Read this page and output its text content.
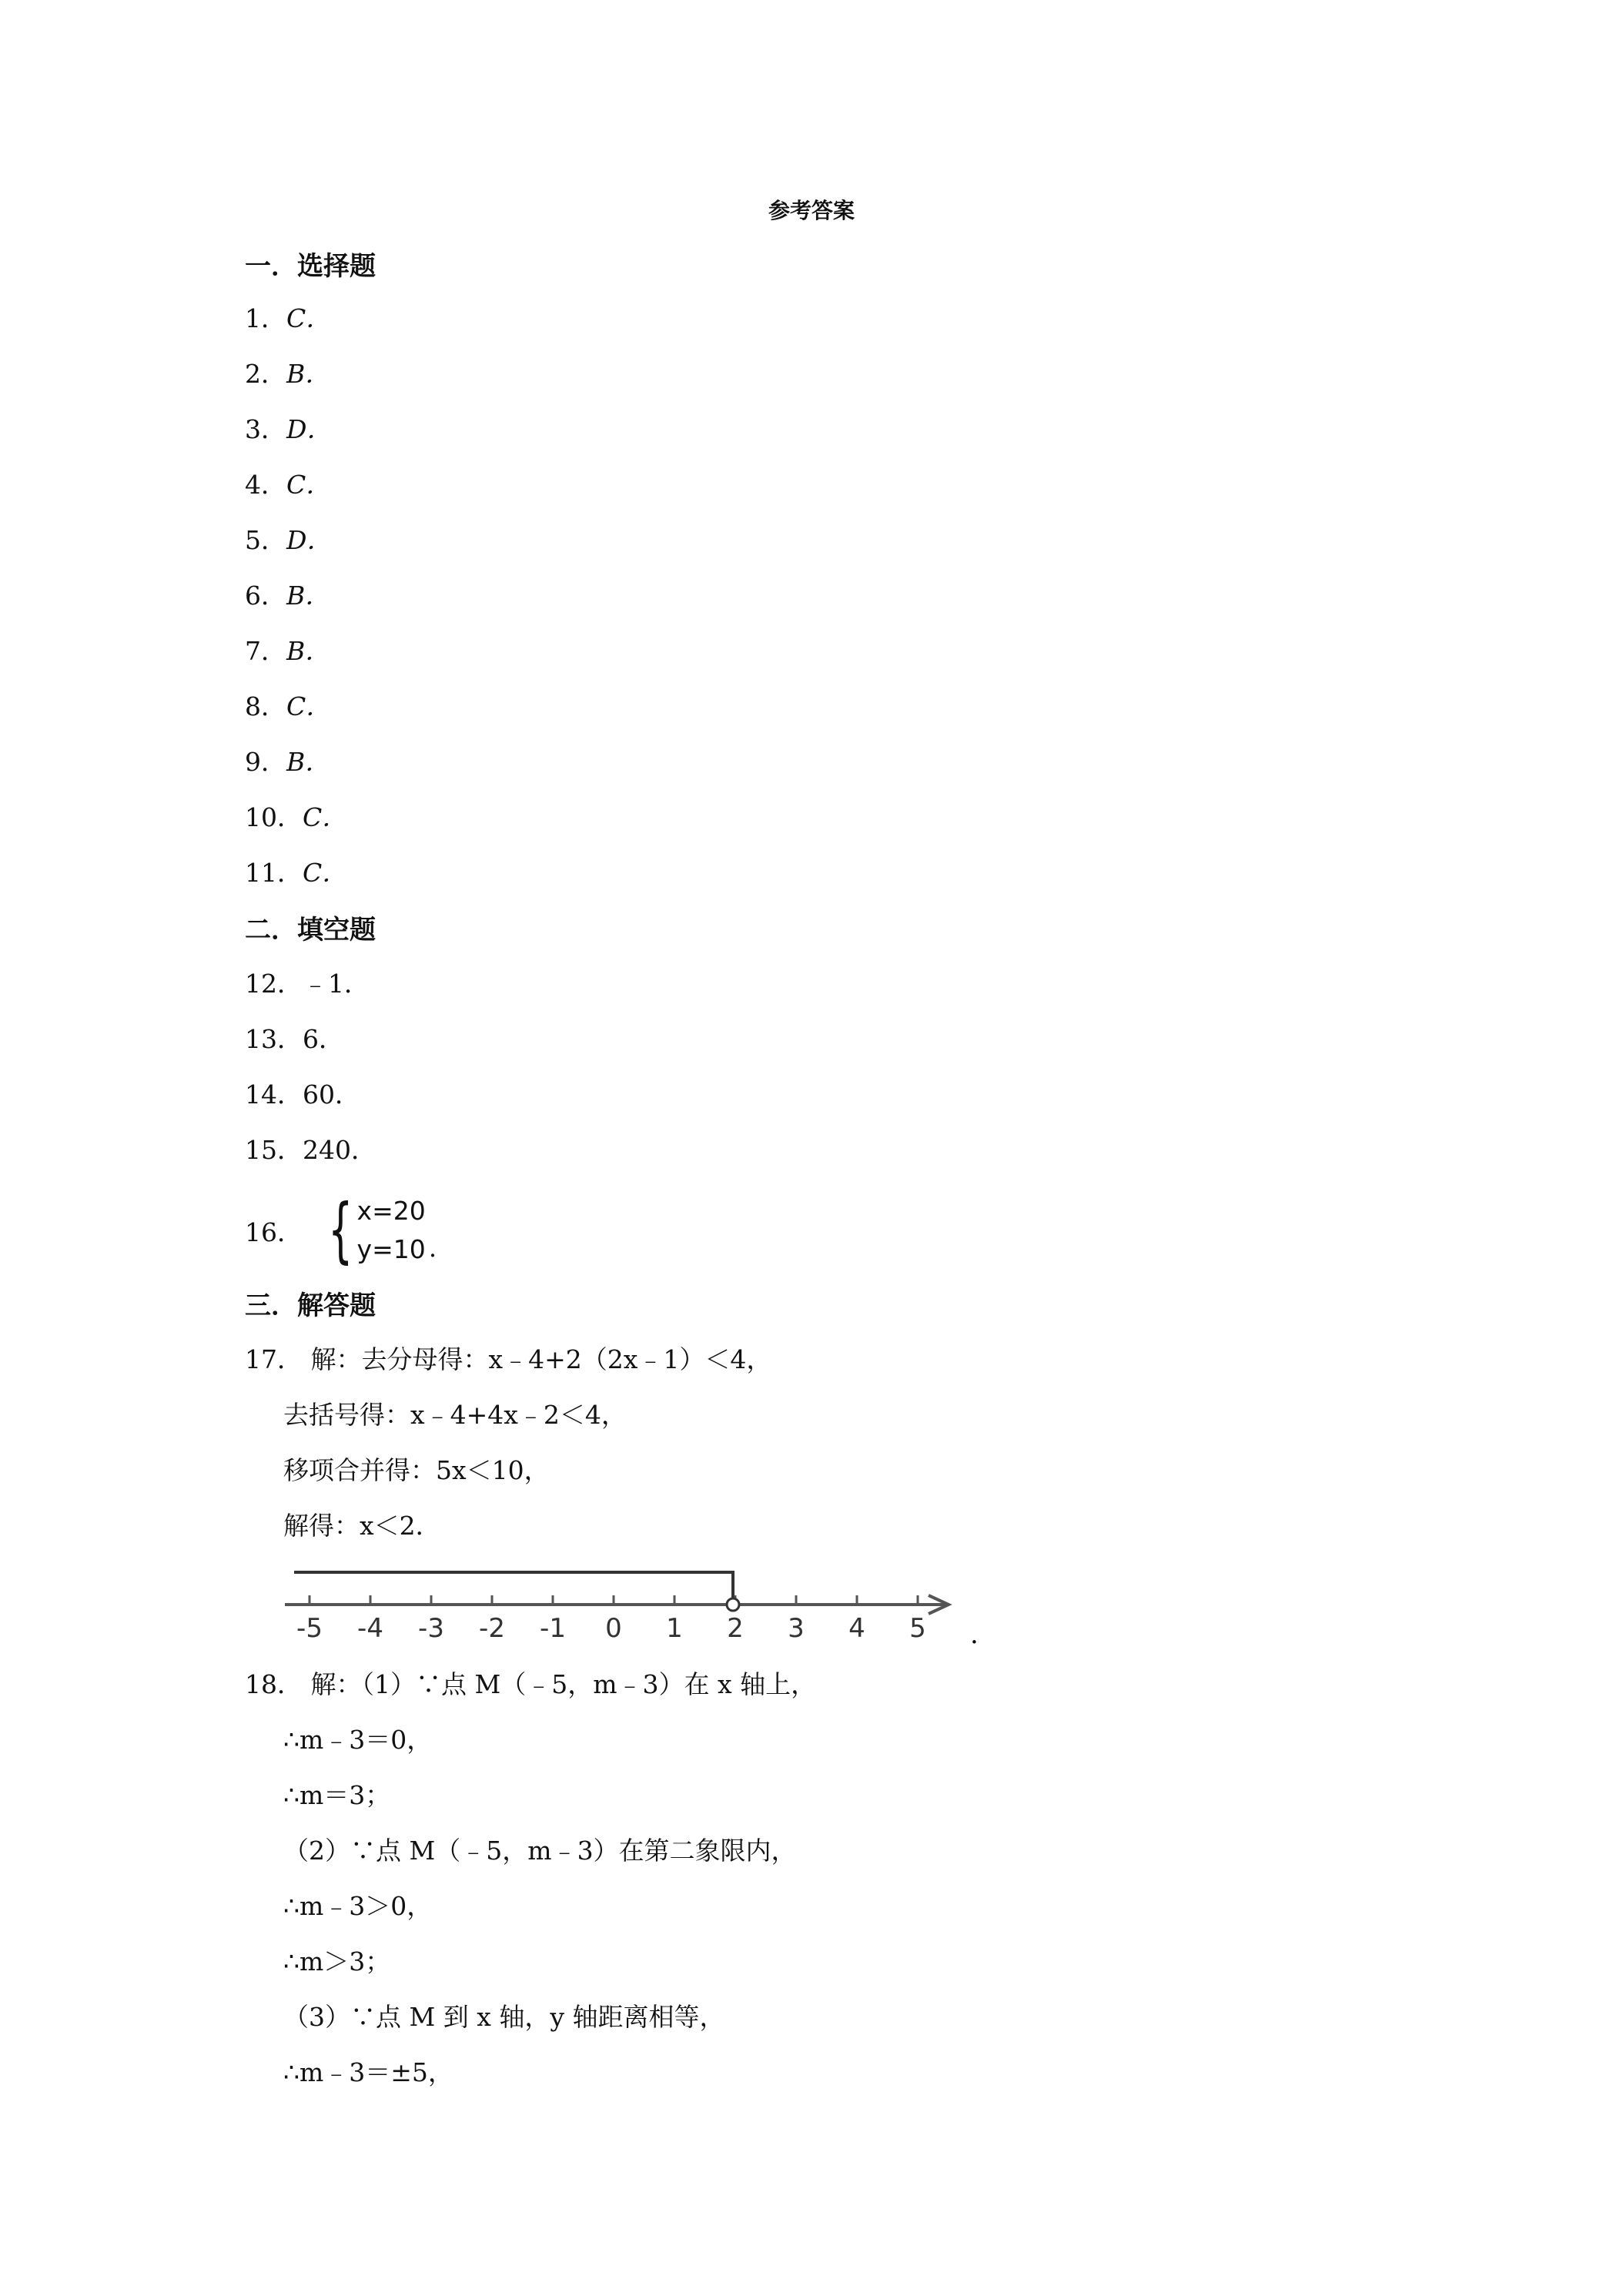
参考答案
一．选择题
1．C．
2．B．
3．D．
4．C．
5．D．
6．B．
7．B．
8．C．
9．B．
10．C．
11．C．
二．填空题
12．﹣1．
13．6．
14．60．
15．240．
16． { x=20
y=10 .
三．解答题
17． 解：去分母得：x﹣4+2（2x﹣1）＜4，
去括号得：x﹣4+4x﹣2＜4，
移项合并得：5x＜10，
解得：x＜2．
-5 -4 -3 -2 -1 0 1 2 3 4 5 .
18． 解：（1）∵点 M（﹣5，m﹣3）在 x 轴上，
∴m﹣3＝0，
∴m＝3；
（2）∵点 M（﹣5，m﹣3）在第二象限内，
∴m﹣3＞0，
∴m＞3；
（3）∵点 M 到 x 轴，y 轴距离相等，
∴m﹣3＝±5，
